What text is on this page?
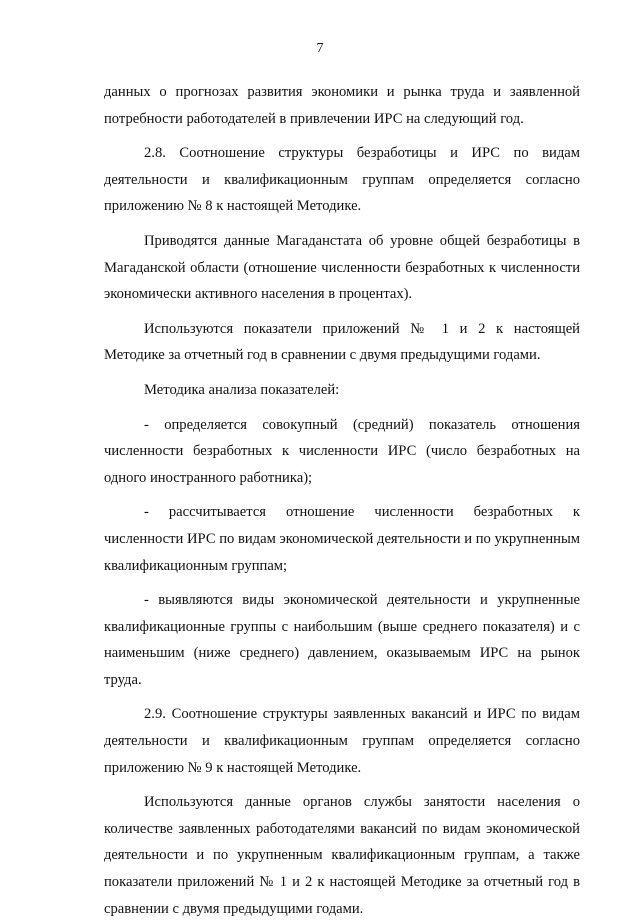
7

данных о прогнозах развития экономики и рынка труда и заявленной потребности работодателей в привлечении ИРС на следующий год.

2.8. Соотношение структуры безработицы и ИРС по видам деятельности и квалификационным группам определяется согласно приложению № 8 к настоящей Методике.

Приводятся данные Магаданстата об уровне общей безработицы в Магаданской области (отношение численности безработных к численности экономически активного населения в процентах).

Используются показатели приложений № 1 и 2 к настоящей Методике за отчетный год в сравнении с двумя предыдущими годами.

Методика анализа показателей:

- определяется совокупный (средний) показатель отношения численности безработных к численности ИРС (число безработных на одного иностранного работника);

- рассчитывается отношение численности безработных к численности ИРС по видам экономической деятельности и по укрупненным квалификационным группам;

- выявляются виды экономической деятельности и укрупненные квалификационные группы с наибольшим (выше среднего показателя) и с наименьшим (ниже среднего) давлением, оказываемым ИРС на рынок труда.

2.9. Соотношение структуры заявленных вакансий и ИРС по видам деятельности и квалификационным группам определяется согласно приложению № 9 к настоящей Методике.

Используются данные органов службы занятости населения о количестве заявленных работодателями вакансий по видам экономической деятельности и по укрупненным квалификационным группам, а также показатели приложений № 1 и 2 к настоящей Методике за отчетный год в сравнении с двумя предыдущими годами.
